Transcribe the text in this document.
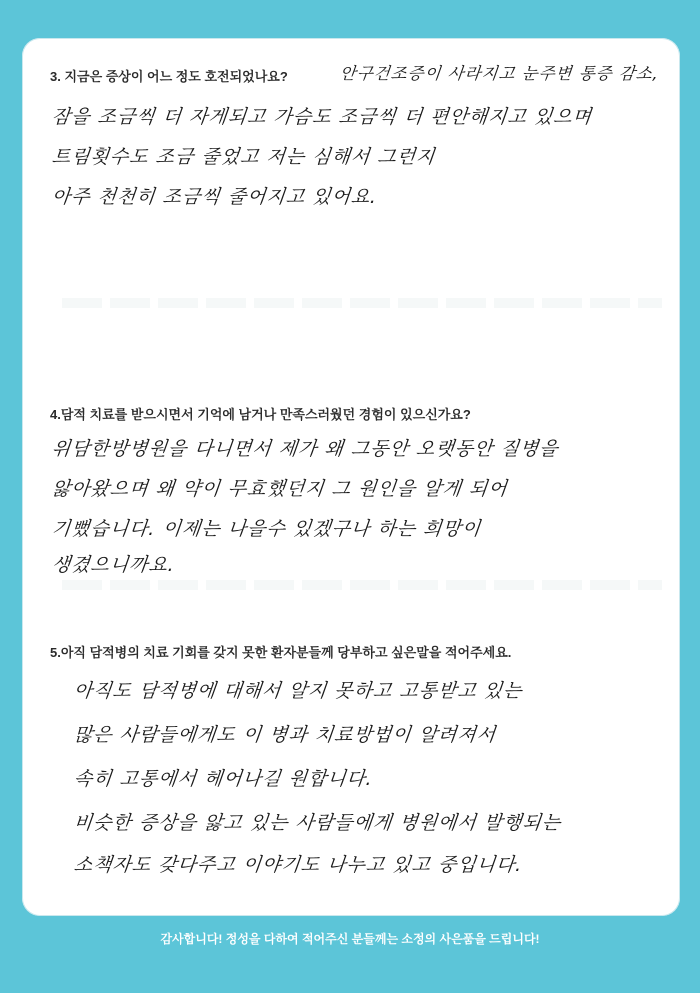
3. 지금은 증상이 어느 정도 호전되었나요?	안구건조증이 사라지고 눈주변 통증 감소,
잠을 조금씩 더 자게되고 가슴도 조금씩 더 편안해지고 있으며
트림횟수도 조금 줄었고 저는 심해서 그런지
아주 천천히 조금씩 줄어지고 있어요.
4.담적 치료를 받으시면서 기억에 남거나 만족스러웠던 경험이 있으신가요?
위담한방병원을 다니면서 제가 왜 그동안 오랫동안 질병을
앓아왔으며 왜 약이 무효했던지 그 원인을 알게 되어
기뻤습니다. 이제는 나을수 있겠구나 하는 희망이
생겼으니까요.
5.아직 담적병의 치료 기회를 갖지 못한 환자분들께 당부하고 싶은말을 적어주세요.
아직도 담적병에 대해서 알지 못하고 고통받고 있는
많은 사람들에게도 이 병과 치료방법이 알려져서
속히 고통에서 헤어나길 원합니다.
비슷한 증상을 앓고 있는 사람들에게 병원에서 발행되는
소책자도 갖다주고 이야기도 나누고 있고 중입니다.
감사합니다! 정성을 다하여 적어주신 분들께는 소정의 사은품을 드립니다!
